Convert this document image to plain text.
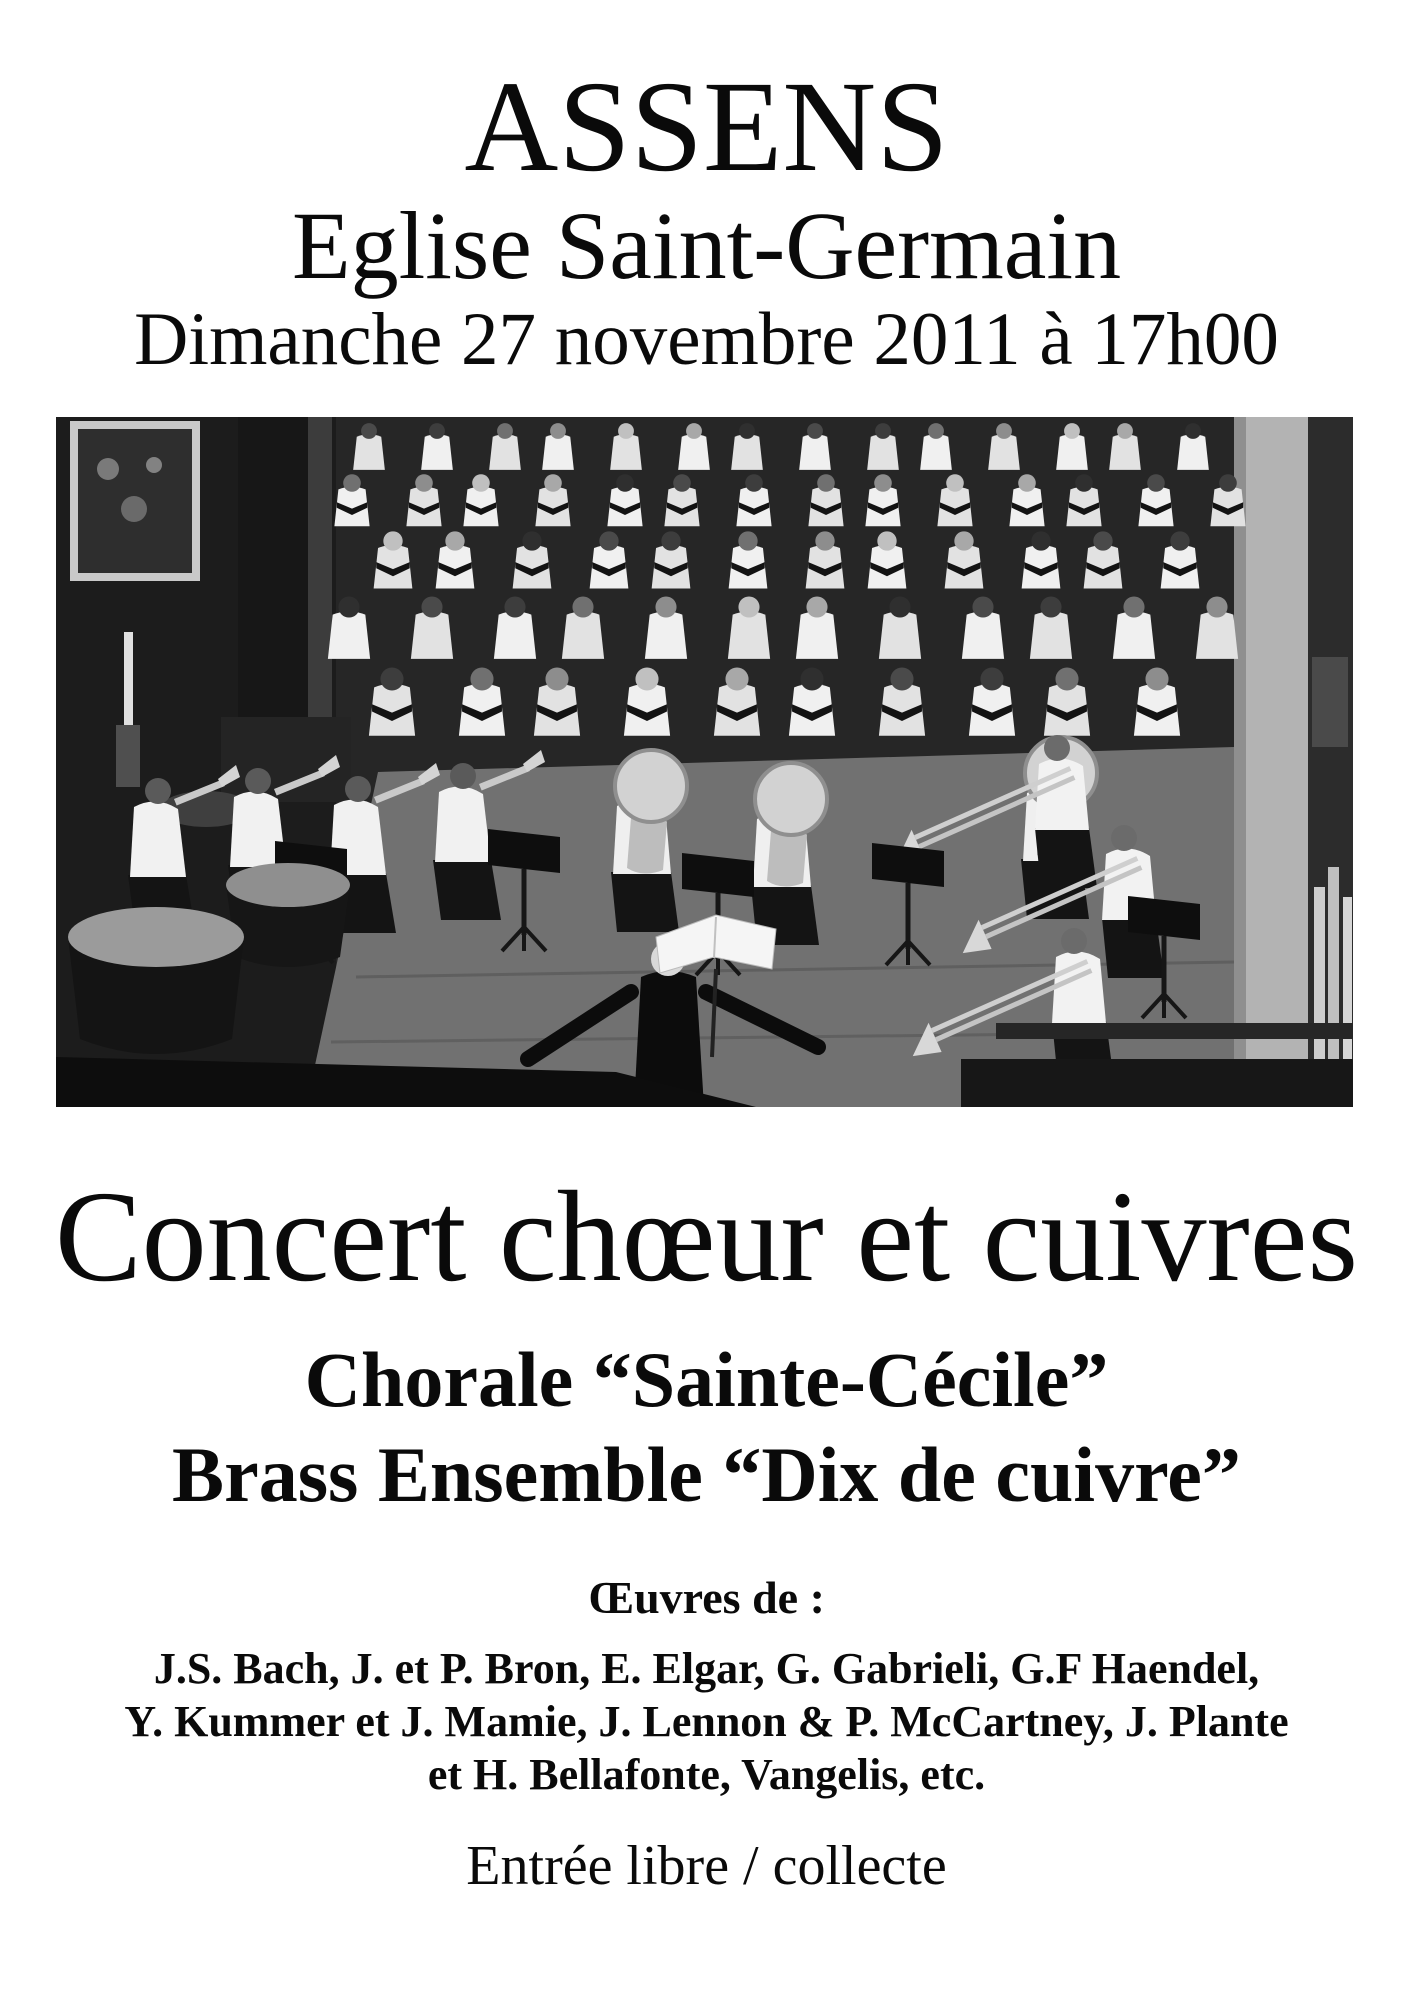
ASSENS
Eglise Saint-Germain
Dimanche 27 novembre 2011 à 17h00
Concert chœur et cuivres
Chorale “Sainte-Cécile”
Brass Ensemble “Dix de cuivre”
Œuvres de :
J.S. Bach, J. et P. Bron, E. Elgar, G. Gabrieli, G.F Haendel,
Y. Kummer et J. Mamie, J. Lennon & P. McCartney, J. Plante
et H. Bellafonte, Vangelis, etc.
Entrée libre / collecte
